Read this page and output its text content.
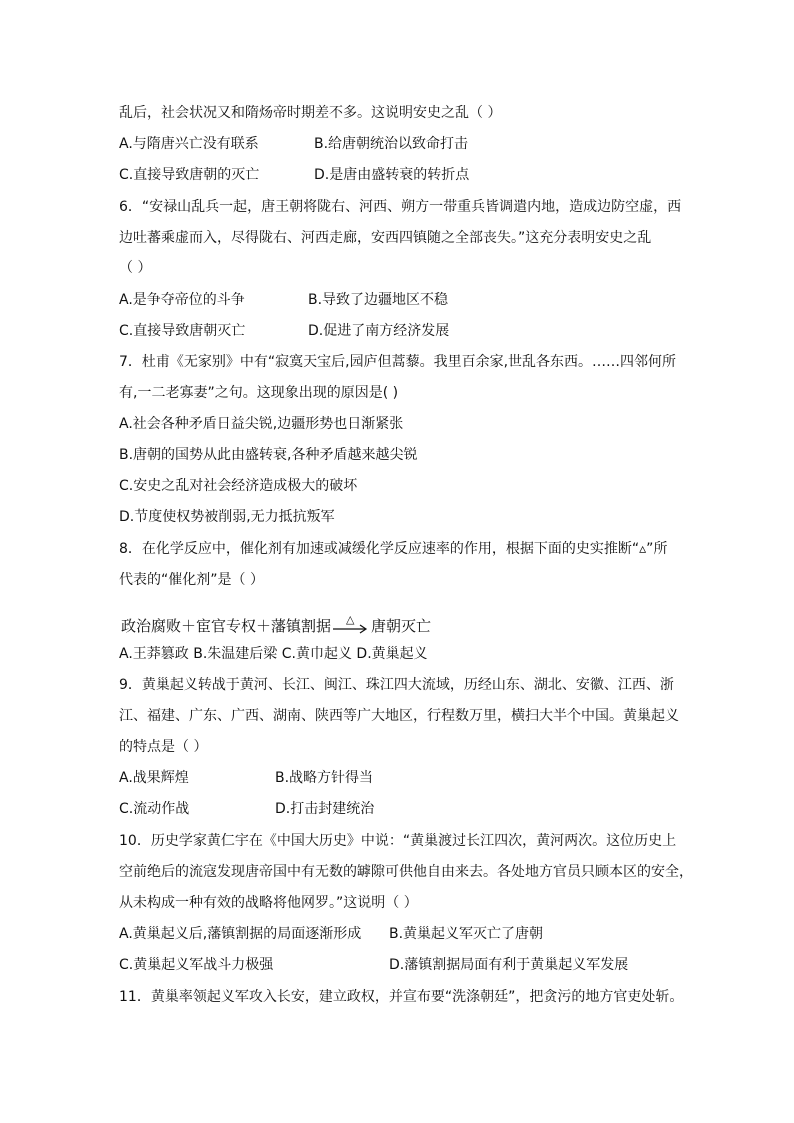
乱后，社会状况又和隋炀帝时期差不多。这说明安史之乱（ ）
A.与隋唐兴亡没有联系	B.给唐朝统治以致命打击
C.直接导致唐朝的灭亡	D.是唐由盛转衰的转折点
6．“安禄山乱兵一起，唐王朝将陇右、河西、朔方一带重兵皆调遣内地，造成边防空虚，西
边吐蕃乘虚而入，尽得陇右、河西走廊，安西四镇随之全部丧失。”这充分表明安史之乱
（ ）
A.是争夺帝位的斗争	B.导致了边疆地区不稳
C.直接导致唐朝灭亡	D.促进了南方经济发展
7．杜甫《无家别》中有“寂寞天宝后,园庐但蒿藜。我里百余家,世乱各东西。……四邻何所
有,一二老寡妻”之句。这现象出现的原因是( )
A.社会各种矛盾日益尖锐,边疆形势也日渐紧张
B.唐朝的国势从此由盛转衰,各种矛盾越来越尖锐
C.安史之乱对社会经济造成极大的破坏
D.节度使权势被削弱,无力抵抗叛军
8．在化学反应中，催化剂有加速或减缓化学反应速率的作用，根据下面的史实推断“▵”所
代表的“催化剂”是（ ）
政治腐败＋宦官专权＋藩镇割据 △ 唐朝灭亡
A.王莽篡政 B.朱温建后梁 C.黄巾起义 D.黄巢起义
9．黄巢起义转战于黄河、长江、闽江、珠江四大流域，历经山东、湖北、安徽、江西、浙
江、福建、广东、广西、湖南、陕西等广大地区，行程数万里，横扫大半个中国。黄巢起义
的特点是（ ）
A.战果辉煌	B.战略方针得当
C.流动作战	D.打击封建统治
10．历史学家黄仁宇在《中国大历史》中说：“黄巢渡过长江四次，黄河两次。这位历史上
空前绝后的流寇发现唐帝国中有无数的罅隙可供他自由来去。各处地方官员只顾本区的安全，
从未构成一种有效的战略将他网罗。”这说明（ ）
A.黄巢起义后,藩镇割据的局面逐渐形成 B.黄巢起义军灭亡了唐朝
C.黄巢起义军战斗力极强	D.藩镇割据局面有利于黄巢起义军发展
11．黄巢率领起义军攻入长安，建立政权，并宣布要“洗涤朝廷”，把贪污的地方官吏处斩。
